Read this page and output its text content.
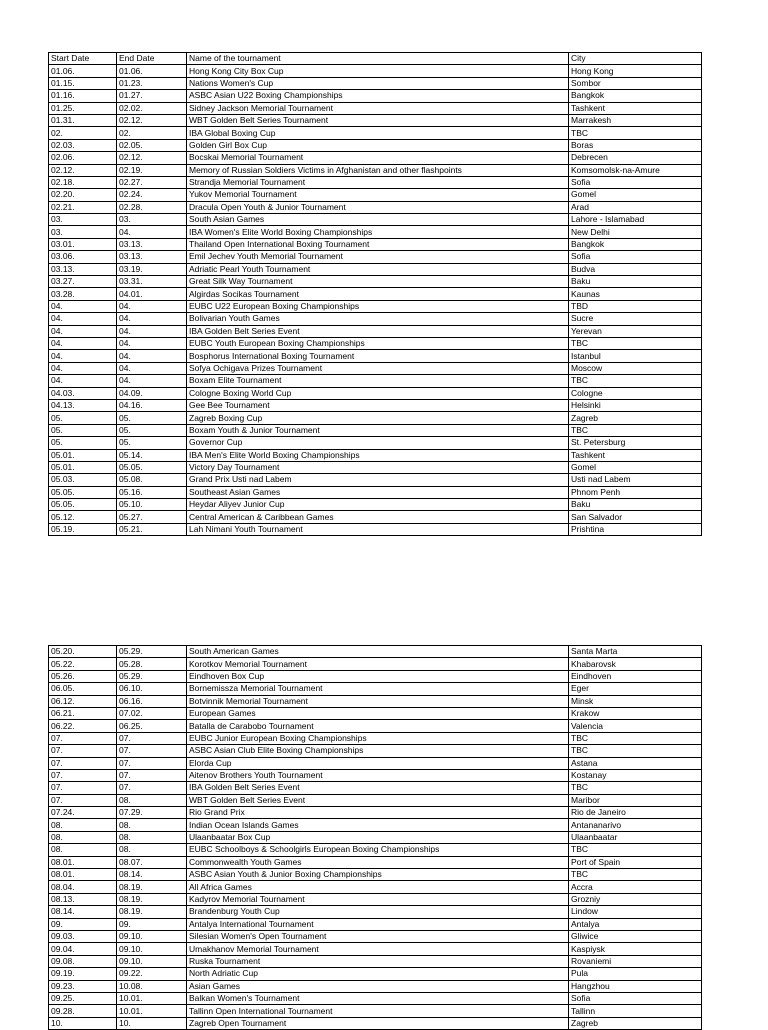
Start Date	End Date	Name of the tournament	City
01.06.	01.06.	Hong Kong City Box Cup	Hong Kong
01.15.	01.23.	Nations Women's Cup	Sombor
01.16.	01.27.	ASBC Asian U22 Boxing Championships	Bangkok
01.25.	02.02.	Sidney Jackson Memorial Tournament	Tashkent
01.31.	02.12.	WBT Golden Belt Series Tournament	Marrakesh
02.	02.	IBA Global Boxing Cup	TBC
02.03.	02.05.	Golden Girl Box Cup	Boras
02.06.	02.12.	Bocskai Memorial Tournament	Debrecen
02.12.	02.19.	Memory of Russian Soldiers Victims in Afghanistan and other flashpoints	Komsomolsk-na-Amure
02.18.	02.27.	Strandja Memorial Tournament	Sofia
02.20.	02.24.	Yukov Memorial Tournament	Gomel
02.21.	02.28.	Dracula Open Youth & Junior Tournament	Arad
03.	03.	South Asian Games	Lahore - Islamabad
03.	04.	IBA Women's Elite World Boxing Championships	New Delhi
03.01.	03.13.	Thailand Open International Boxing Tournament	Bangkok
03.06.	03.13.	Emil Jechev Youth Memorial Tournament	Sofia
03.13.	03.19.	Adriatic Pearl Youth Tournament	Budva
03.27.	03.31.	Great Silk Way Tournament	Baku
03.28.	04.01.	Algirdas Socikas Tournament	Kaunas
04.	04.	EUBC U22 European Boxing Championships	TBD
04.	04.	Bolivarian Youth Games	Sucre
04.	04.	IBA Golden Belt Series Event	Yerevan
04.	04.	EUBC Youth European Boxing Championships	TBC
04.	04.	Bosphorus International Boxing Tournament	Istanbul
04.	04.	Sofya Ochigava Prizes Tournament	Moscow
04.	04.	Boxam Elite Tournament	TBC
04.03.	04.09.	Cologne Boxing World Cup	Cologne
04.13.	04.16.	Gee Bee Tournament	Helsinki
05.	05.	Zagreb Boxing Cup	Zagreb
05.	05.	Boxam Youth & Junior Tournament	TBC
05.	05.	Governor Cup	St. Petersburg
05.01.	05.14.	IBA Men's Elite World Boxing Championships	Tashkent
05.01.	05.05.	Victory Day Tournament	Gomel
05.03.	05.08.	Grand Prix Usti nad Labem	Usti nad Labem
05.05.	05.16.	Southeast Asian Games	Phnom Penh
05.05.	05.10.	Heydar Aliyev Junior Cup	Baku
05.12.	05.27.	Central American & Caribbean Games	San Salvador
05.19.	05.21.	Lah Nimani Youth Tournament	Prishtina
05.20.	05.29.	South American Games	Santa Marta
05.22.	05.28.	Korotkov Memorial Tournament	Khabarovsk
05.26.	05.29.	Eindhoven Box Cup	Eindhoven
06.05.	06.10.	Bornemissza Memorial Tournament	Eger
06.12.	06.16.	Botvinnik Memorial Tournament	Minsk
06.21.	07.02.	European Games	Krakow
06.22.	06.25.	Batalla de Carabobo Tournament	Valencia
07.	07.	EUBC Junior European Boxing Championships	TBC
07.	07.	ASBC Asian Club Elite Boxing Championships	TBC
07.	07.	Elorda Cup	Astana
07.	07.	Aitenov Brothers Youth Tournament	Kostanay
07.	07.	IBA Golden Belt Series Event	TBC
07.	08.	WBT Golden Belt Series Event	Maribor
07.24.	07.29.	Rio Grand Prix	Rio de Janeiro
08.	08.	Indian Ocean Islands Games	Antananarivo
08.	08.	Ulaanbaatar Box Cup	Ulaanbaatar
08.	08.	EUBC Schoolboys & Schoolgirls European Boxing Championships	TBC
08.01.	08.07.	Commonwealth Youth Games	Port of Spain
08.01.	08.14.	ASBC Asian Youth & Junior Boxing Championships	TBC
08.04.	08.19.	All Africa Games	Accra
08.13.	08.19.	Kadyrov Memorial Tournament	Grozniy
08.14.	08.19.	Brandenburg Youth Cup	Lindow
09.	09.	Antalya International Tournament	Antalya
09.03.	09.10.	Silesian Women's Open Tournament	Gliwice
09.04.	09.10.	Umakhanov Memorial Tournament	Kaspiysk
09.08.	09.10.	Ruska Tournament	Rovaniemi
09.19.	09.22.	North Adriatic Cup	Pula
09.23.	10.08.	Asian Games	Hangzhou
09.25.	10.01.	Balkan Women's Tournament	Sofia
09.28.	10.01.	Tallinn Open International Tournament	Tallinn
10.	10.	Zagreb Open Tournament	Zagreb
